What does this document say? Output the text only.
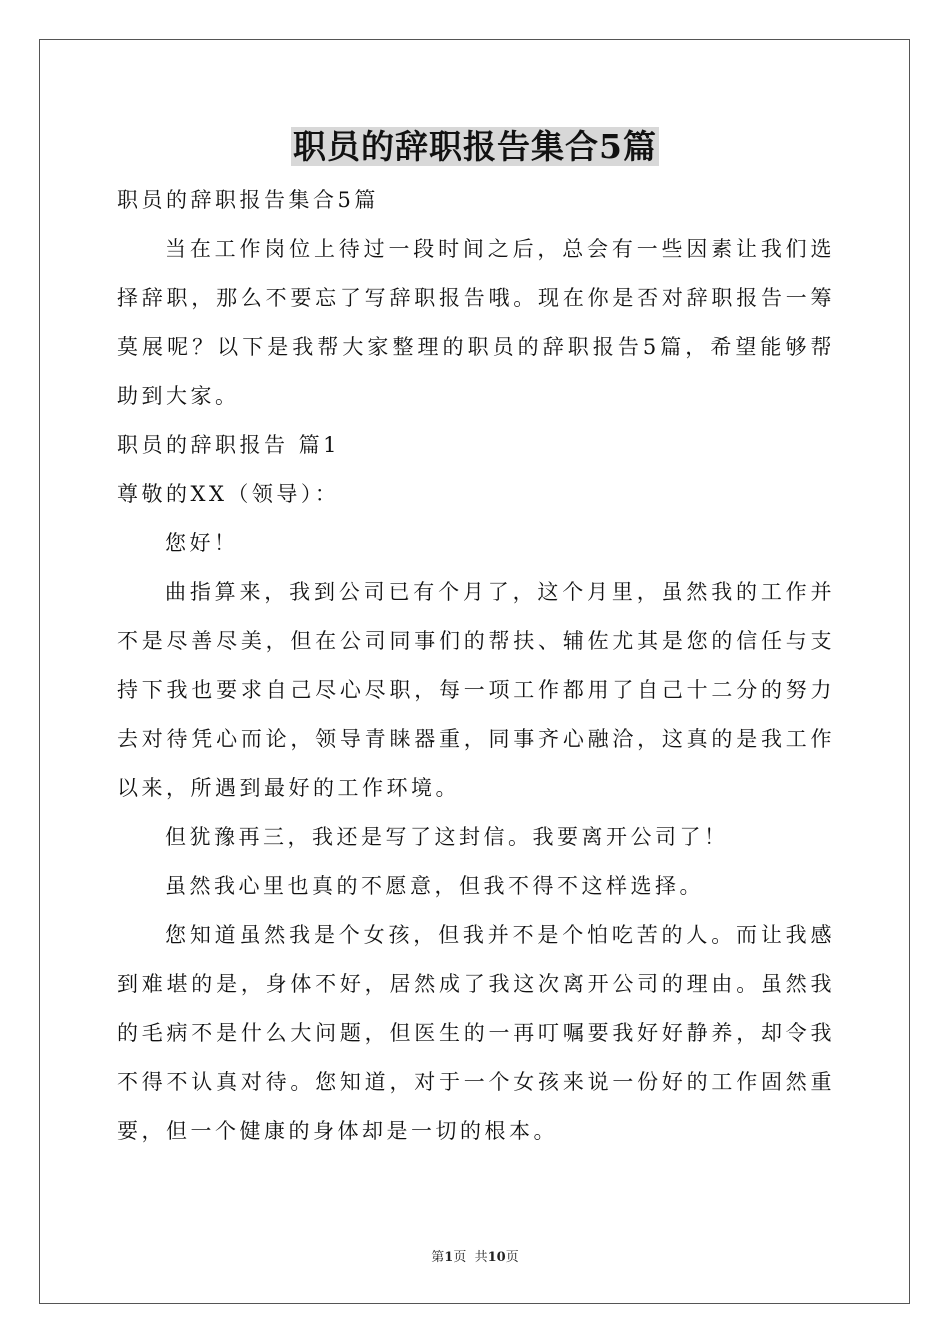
职员的辞职报告集合5篇

职员的辞职报告集合5篇

当在工作岗位上待过一段时间之后，总会有一些因素让我们选择辞职，那么不要忘了写辞职报告哦。现在你是否对辞职报告一筹莫展呢？以下是我帮大家整理的职员的辞职报告5篇，希望能够帮助到大家。

职员的辞职报告 篇1

尊敬的XX（领导）：

您好！

曲指算来，我到公司已有个月了，这个月里，虽然我的工作并不是尽善尽美，但在公司同事们的帮扶、辅佐尤其是您的信任与支持下我也要求自己尽心尽职，每一项工作都用了自己十二分的努力去对待凭心而论，领导青睐器重，同事齐心融洽，这真的是我工作以来，所遇到最好的工作环境。

但犹豫再三，我还是写了这封信。我要离开公司了！

虽然我心里也真的不愿意，但我不得不这样选择。

您知道虽然我是个女孩，但我并不是个怕吃苦的人。而让我感到难堪的是，身体不好，居然成了我这次离开公司的理由。虽然我的毛病不是什么大问题，但医生的一再叮嘱要我好好静养，却令我不得不认真对待。您知道，对于一个女孩来说一份好的工作固然重要，但一个健康的身体却是一切的根本。

第1页  共10页
